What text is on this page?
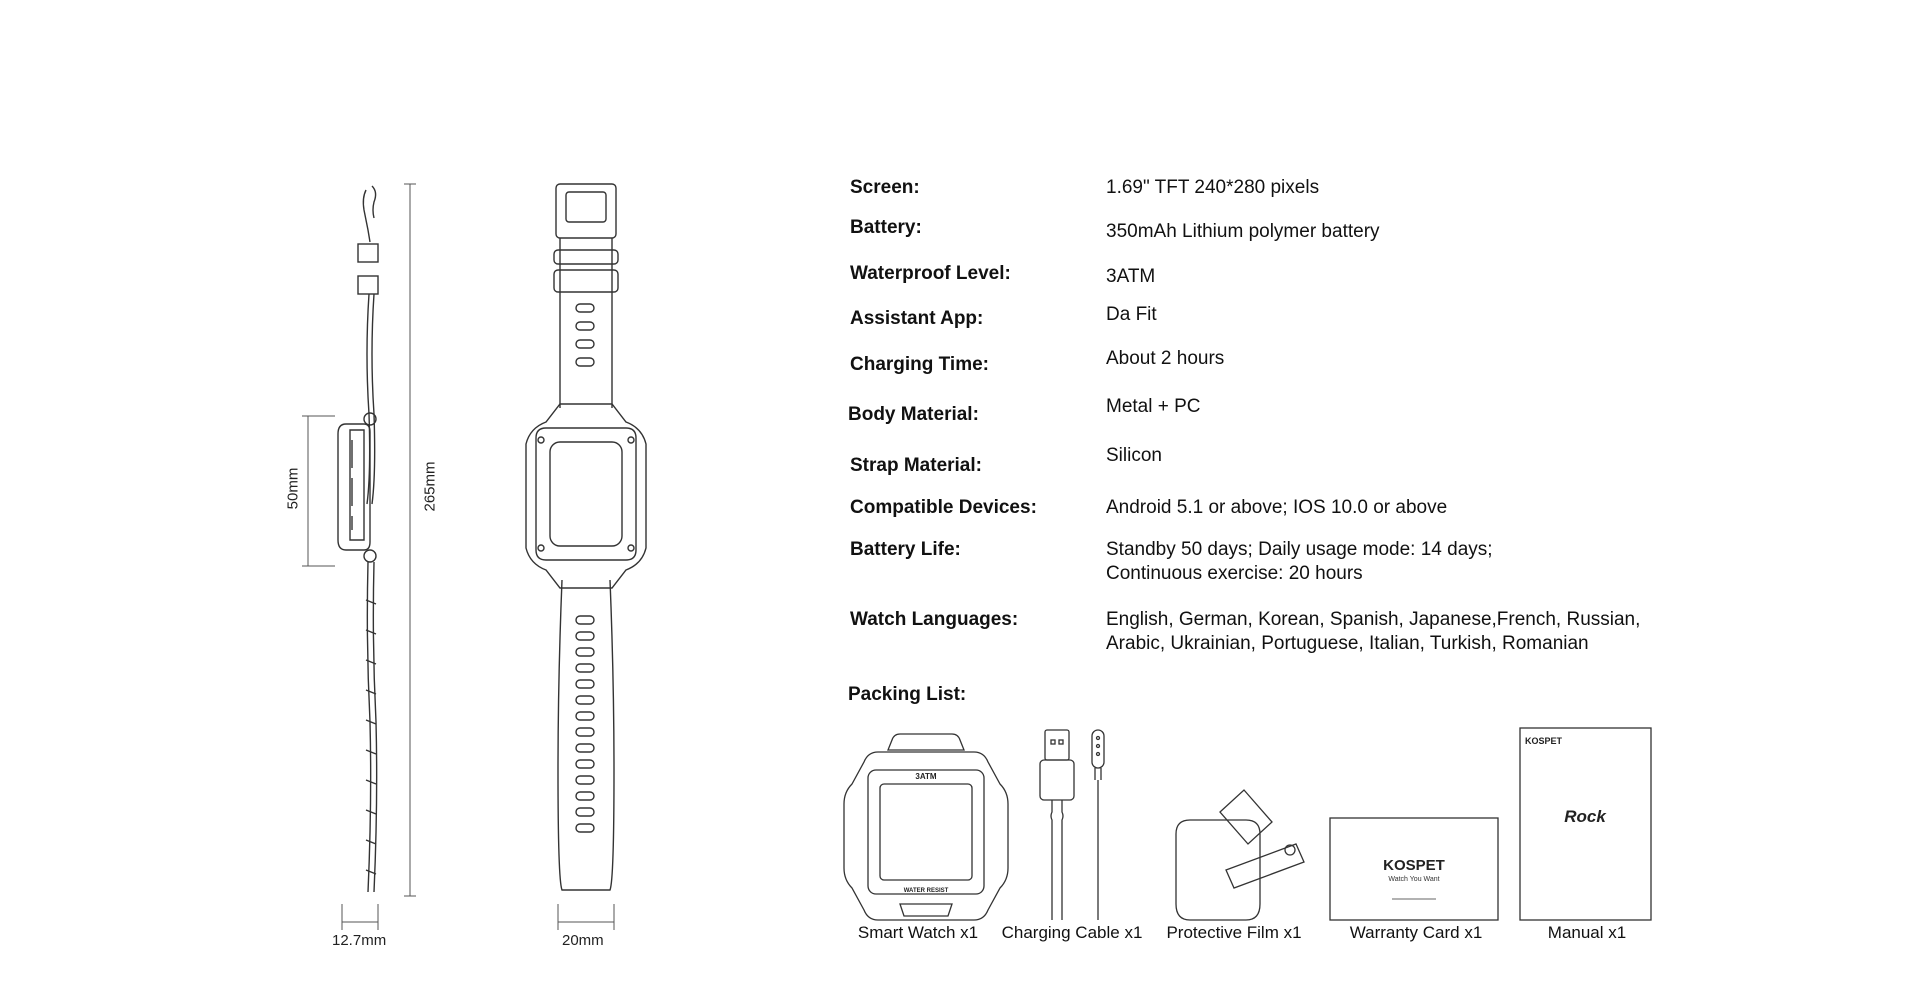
50mm	265mm
12.7mm	20mm
Screen:	1.69" TFT 240*280 pixels
Battery:	350mAh Lithium polymer battery
Waterproof Level:	3ATM
Assistant App:	Da Fit
Charging Time:	About 2 hours
Body Material:	Metal + PC
Strap Material:	Silicon
Compatible Devices:	Android 5.1 or above; IOS 10.0 or above
Battery Life:	Standby 50 days; Daily usage mode: 14 days;
Continuous exercise: 20 hours
Watch Languages:	English, German, Korean, Spanish, Japanese,French, Russian,
Arabic, Ukrainian, Portuguese, Italian, Turkish, Romanian
Packing List:
3ATM
WATER RESIST
KOSPET
Watch You Want
KOSPET
Rock
Smart Watch x1 Charging Cable x1 Protective Film x1	Warranty Card x1	Manual x1
